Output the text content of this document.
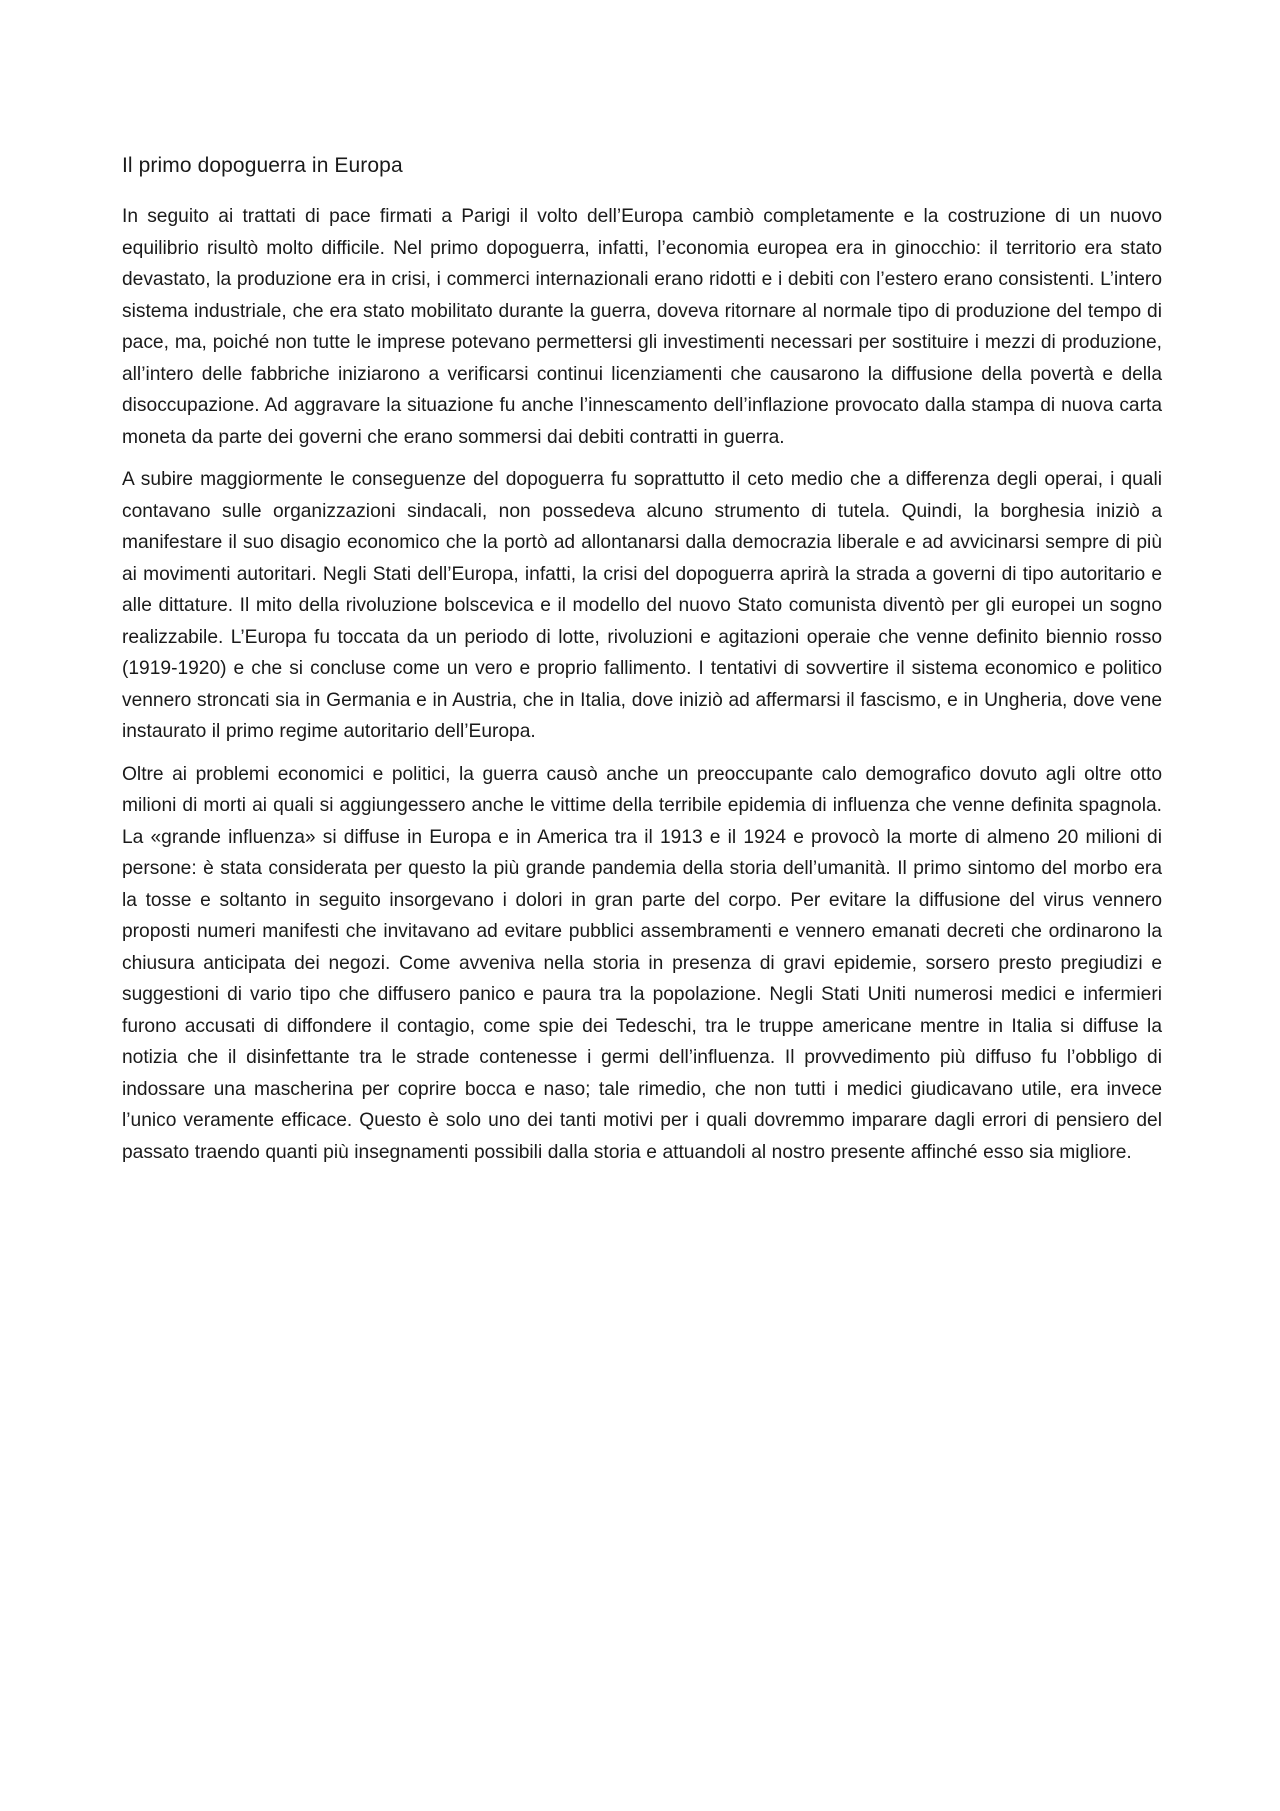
Il primo dopoguerra in Europa

In seguito ai trattati di pace firmati a Parigi il volto dell’Europa cambiò completamente e la costruzione di un nuovo equilibrio risultò molto difficile. Nel primo dopoguerra, infatti, l’economia europea era in ginocchio: il territorio era stato devastato, la produzione era in crisi, i commerci internazionali erano ridotti e i debiti con l’estero erano consistenti. L’intero sistema industriale, che era stato mobilitato durante la guerra, doveva ritornare al normale tipo di produzione del tempo di pace, ma, poiché non tutte le imprese potevano permettersi gli investimenti necessari per sostituire i mezzi di produzione, all’intero delle fabbriche iniziarono a verificarsi continui licenziamenti che causarono la diffusione della povertà e della disoccupazione. Ad aggravare la situazione fu anche l’innescamento dell’inflazione provocato dalla stampa di nuova carta moneta da parte dei governi che erano sommersi dai debiti contratti in guerra.

A subire maggiormente le conseguenze del dopoguerra fu soprattutto il ceto medio che a differenza degli operai, i quali contavano sulle organizzazioni sindacali, non possedeva alcuno strumento di tutela. Quindi, la borghesia iniziò a manifestare il suo disagio economico che la portò ad allontanarsi dalla democrazia liberale e ad avvicinarsi sempre di più ai movimenti autoritari. Negli Stati dell’Europa, infatti, la crisi del dopoguerra aprirà la strada a governi di tipo autoritario e alle dittature. Il mito della rivoluzione bolscevica e il modello del nuovo Stato comunista diventò per gli europei un sogno realizzabile. L’Europa fu toccata da un periodo di lotte, rivoluzioni e agitazioni operaie che venne definito biennio rosso (1919-1920) e che si concluse come un vero e proprio fallimento. I tentativi di sovvertire il sistema economico e politico vennero stroncati sia in Germania e in Austria, che in Italia, dove iniziò ad affermarsi il fascismo, e in Ungheria, dove vene instaurato il primo regime autoritario dell’Europa.

Oltre ai problemi economici e politici, la guerra causò anche un preoccupante calo demografico dovuto agli oltre otto milioni di morti ai quali si aggiungessero anche le vittime della terribile epidemia di influenza che venne definita spagnola. La «grande influenza» si diffuse in Europa e in America tra il 1913 e il 1924 e provocò la morte di almeno 20 milioni di persone: è stata considerata per questo la più grande pandemia della storia dell’umanità. Il primo sintomo del morbo era la tosse e soltanto in seguito insorgevano i dolori in gran parte del corpo. Per evitare la diffusione del virus vennero proposti numeri manifesti che invitavano ad evitare pubblici assembramenti e vennero emanati decreti che ordinarono la chiusura anticipata dei negozi. Come avveniva nella storia in presenza di gravi epidemie, sorsero presto pregiudizi e suggestioni di vario tipo che diffusero panico e paura tra la popolazione. Negli Stati Uniti numerosi medici e infermieri furono accusati di diffondere il contagio, come spie dei Tedeschi, tra le truppe americane mentre in Italia si diffuse la notizia che il disinfettante tra le strade contenesse i germi dell’influenza. Il provvedimento più diffuso fu l’obbligo di indossare una mascherina per coprire bocca e naso; tale rimedio, che non tutti i medici giudicavano utile, era invece l’unico veramente efficace. Questo è solo uno dei tanti motivi per i quali dovremmo imparare dagli errori di pensiero del passato traendo quanti più insegnamenti possibili dalla storia e attuandoli al nostro presente affinché esso sia migliore.
